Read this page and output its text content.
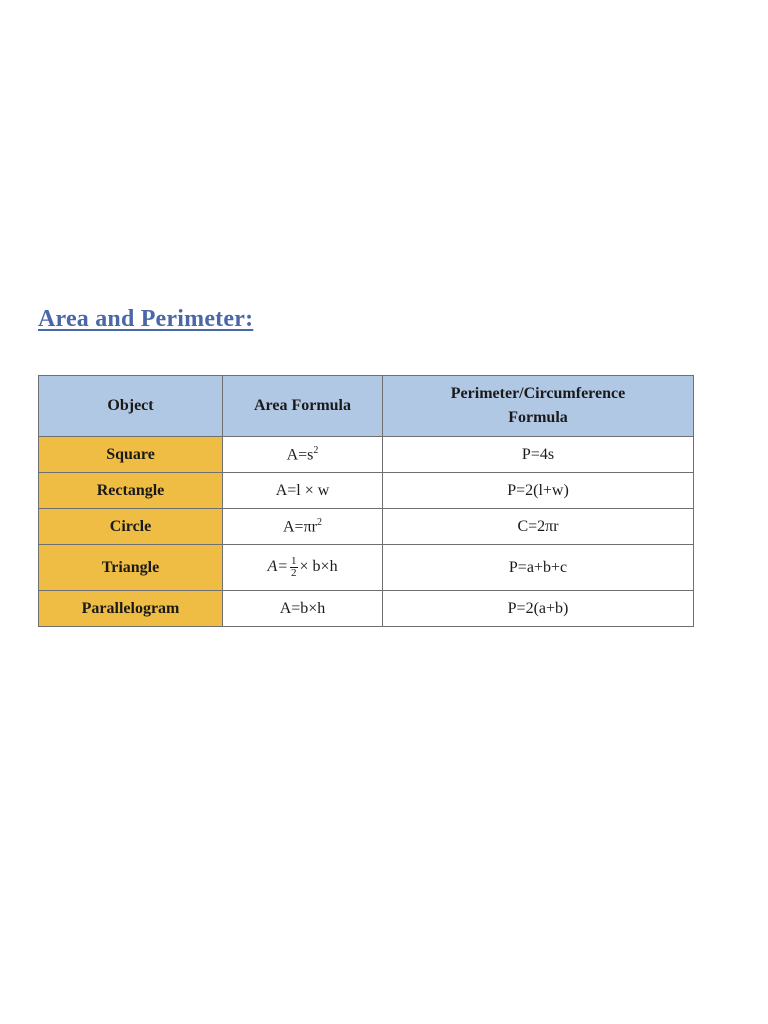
Area and Perimeter:
Object	Area Formula	Perimeter/Circumference
Formula
Square	$A=s^2$	P=4s
Rectangle	A=l × w	P=2(l+w)
Circle	$A=\pi r^2$	C=2πr
Triangle	$A= \frac{1}{2} \times b\times h$	P=a+b+c
Parallelogram	A=b×h	P=2(a+b)
